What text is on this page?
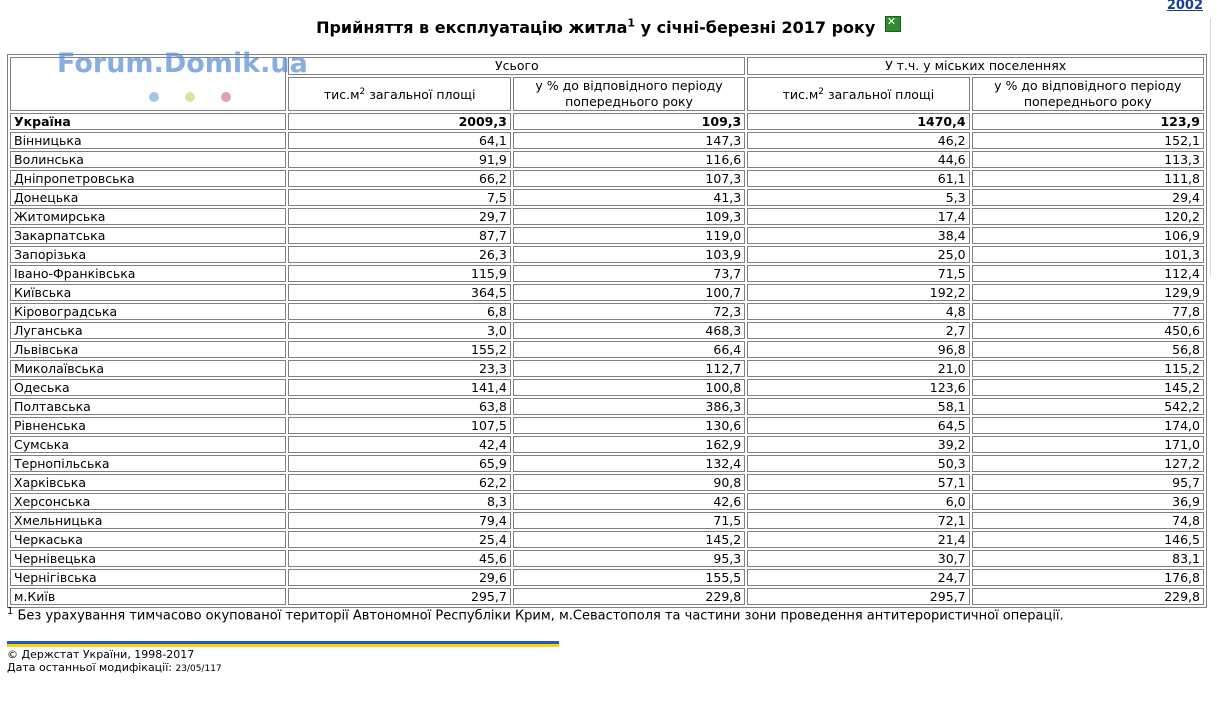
2002
Прийняття в експлуатацію житла$^1$ у січні-березні 2017 року ✕
Forum.Domik.ua	Усього		У т.ч. у міських поселеннях	
	$тис.м^2$ загальної площі	у % до відповідного періоду попереднього року	$тис.м^2$ загальної площі	у % до відповідного періоду попереднього року
Україна	2009,3	109,3	1470,4	123,9
Вінницька	64,1	147,3	46,2	152,1
Волинська	91,9	116,6	44,6	113,3
Дніпропетровська	66,2	107,3	61,1	111,8
Донецька	7,5	41,3	5,3	29,4
Житомирська	29,7	109,3	17,4	120,2
Закарпатська	87,7	119,0	38,4	106,9
Запорізька	26,3	103,9	25,0	101,3
Івано-Франківська	115,9	73,7	71,5	112,4
Київська	364,5	100,7	192,2	129,9
Кіровоградська	6,8	72,3	4,8	77,8
Луганська	3,0	468,3	2,7	450,6
Львівська	155,2	66,4	96,8	56,8
Миколаївська	23,3	112,7	21,0	115,2
Одеська	141,4	100,8	123,6	145,2
Полтавська	63,8	386,3	58,1	542,2
Рівненська	107,5	130,6	64,5	174,0
Сумська	42,4	162,9	39,2	171,0
Тернопільська	65,9	132,4	50,3	127,2
Харківська	62,2	90,8	57,1	95,7
Херсонська	8,3	42,6	6,0	36,9
Хмельницька	79,4	71,5	72,1	74,8
Черкаська	25,4	145,2	21,4	146,5
Чернівецька	45,6	95,3	30,7	83,1
Чернігівська	29,6	155,5	24,7	176,8
м.Київ	295,7	229,8	295,7	229,8
$^1$ Без урахування тимчасово окупованої території Автономної Республіки Крим, м.Севастополя та частини зони проведення антитерористичної операції.
© Держстат України, 1998-2017
Дата останньої модифікації: 23/05/117
